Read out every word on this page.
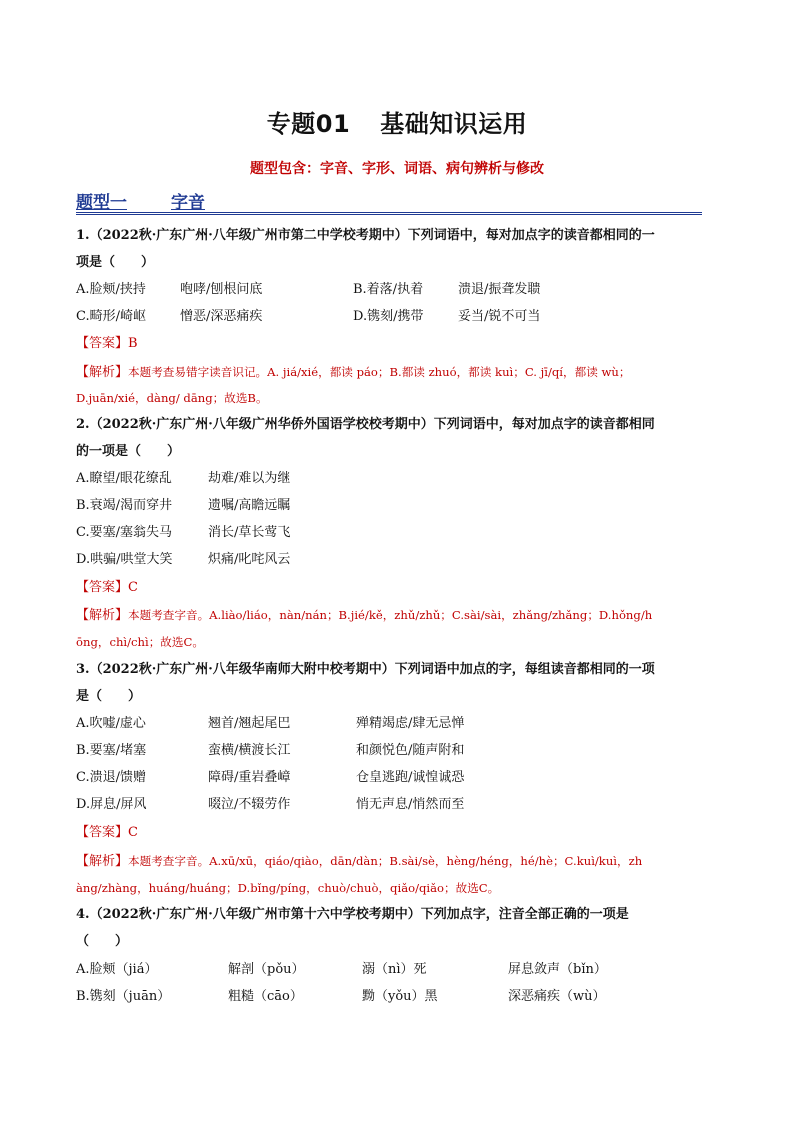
专题01 基础知识运用
题型包含：字音、字形、词语、病句辨析与修改
题型一	字音
1.（2022秋·广东广州·八年级广州市第二中学校考期中）下列词语中，每对加点字的读音都相同的一
项是（　　）
A.脸颊/挟持	咆哮/刨根问底	B.着落/执着	溃退/振聋发聩
C.畸形/崎岖	憎恶/深恶痛疾	D.镌刻/携带	妥当/锐不可当
【答案】B
【解析】本题考查易错字读音识记。A. jiá/xié，都读 páo；B.都读 zhuó，都读 kuì；C. jī/qí，都读 wù；
D.juān/xié，dàng/ dāng；故选B。
2.（2022秋·广东广州·八年级广州华侨外国语学校校考期中）下列词语中，每对加点字的读音都相同
的一项是（　　）
A.瞭望/眼花缭乱	劫难/难以为继
B.衰竭/渴而穿井	遗嘱/高瞻远瞩
C.要塞/塞翁失马	消长/草长莺飞
D.哄骗/哄堂大笑	炽痛/叱咤风云
【答案】C
【解析】本题考查字音。A.liào/liáo，nàn/nán；B.jié/kě，zhǔ/zhǔ；C.sài/sài，zhǎng/zhǎng；D.hǒng/h
ōng，chì/chì；故选C。
3.（2022秋·广东广州·八年级华南师大附中校考期中）下列词语中加点的字，每组读音都相同的一项
是（　　）
A.吹嘘/虚心	翘首/翘起尾巴	殚精竭虑/肆无忌惮
B.要塞/堵塞	蛮横/横渡长江	和颜悦色/随声附和
C.溃退/馈赠	障碍/重岩叠嶂	仓皇逃跑/诚惶诚恐
D.屏息/屏风	啜泣/不辍劳作	悄无声息/悄然而至
【答案】C
【解析】本题考查字音。A.xū/xū，qiáo/qiào，dān/dàn；B.sài/sè，hèng/héng，hé/hè；C.kuì/kuì，zh
àng/zhàng，huáng/huáng；D.bǐng/píng，chuò/chuò，qiǎo/qiǎo；故选C。
4.（2022秋·广东广州·八年级广州市第十六中学校考期中）下列加点字，注音全部正确的一项是
（　　）
A.脸颊（jiá）	解剖（pǒu）	溺（nì）死	屏息敛声（bǐn）
B.镌刻（juān）	粗糙（cāo）	黝（yǒu）黑	深恶痛疾（wù）
